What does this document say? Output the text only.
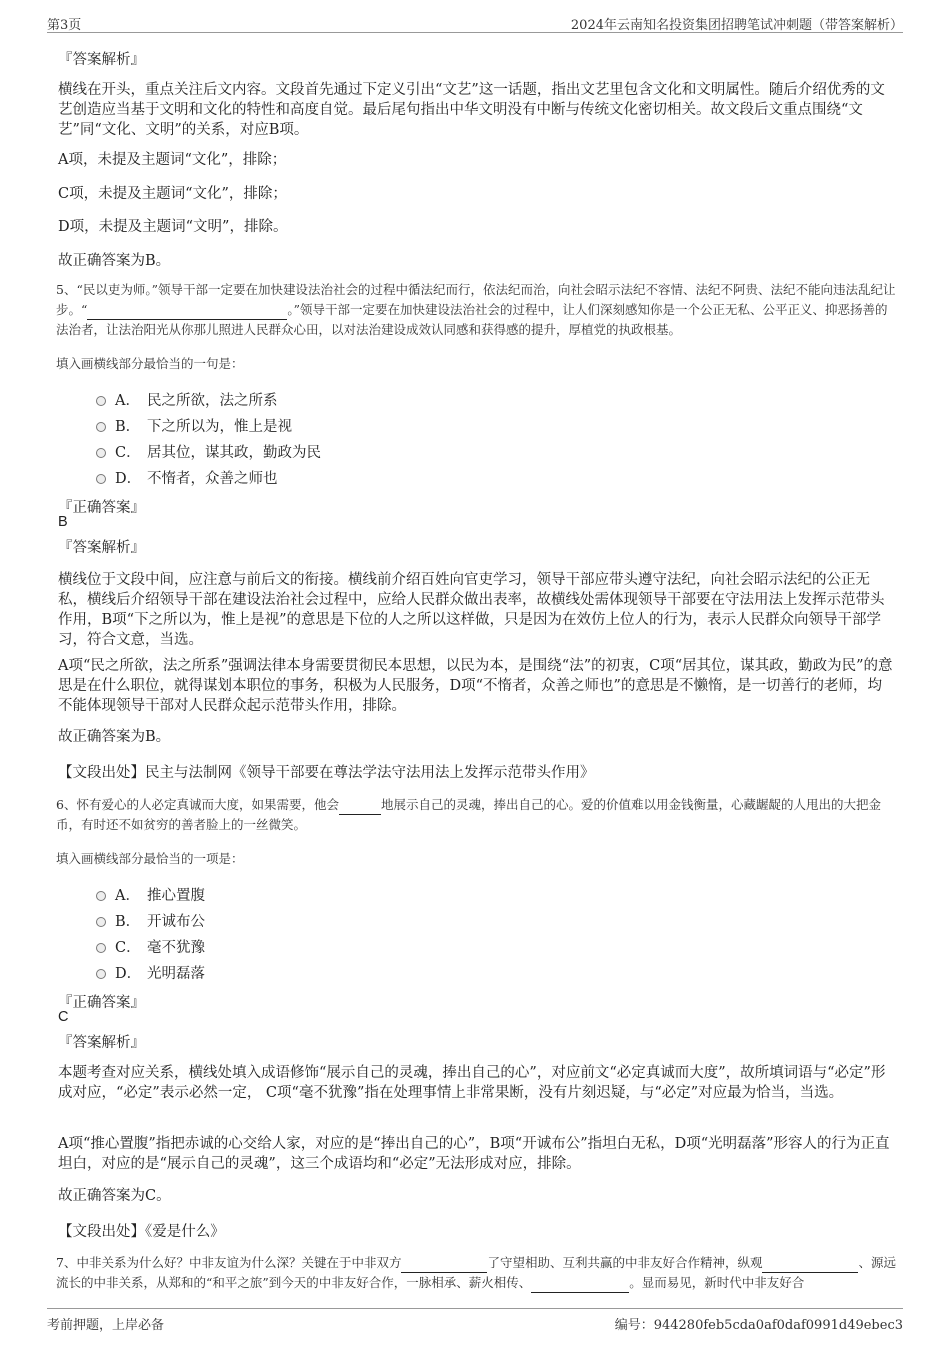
第3页	2024年云南知名投资集团招聘笔试冲刺题（带答案解析）
『答案解析』
横线在开头，重点关注后文内容。文段首先通过下定义引出“文艺”这一话题，指出文艺里包含文化和文明属性。随后介绍优秀的文艺创造应当基于文明和文化的特性和高度自觉。最后尾句指出中华文明没有中断与传统文化密切相关。故文段后文重点围绕“文艺”同“文化、文明”的关系，对应B项。
A项，未提及主题词“文化”，排除；
C项，未提及主题词“文化”，排除；
D项，未提及主题词“文明”，排除。
故正确答案为B。
5、“民以吏为师。”领导干部一定要在加快建设法治社会的过程中循法纪而行，依法纪而治，向社会昭示法纪不容情、法纪不阿贵、法纪不能向违法乱纪让步。“	。”领导干部一定要在加快建设法治社会的过程中，让人们深刻感知你是一个公正无私、公平正义、抑恶扬善的法治者，让法治阳光从你那儿照进人民群众心田，以对法治建设成效认同感和获得感的提升，厚植党的执政根基。
填入画横线部分最恰当的一句是：
A． 民之所欲，法之所系
B． 下之所以为，惟上是视
C． 居其位，谋其政，勤政为民
D． 不惰者，众善之师也
『正确答案』
B
『答案解析』
横线位于文段中间，应注意与前后文的衔接。横线前介绍百姓向官吏学习，领导干部应带头遵守法纪，向社会昭示法纪的公正无私，横线后介绍领导干部在建设法治社会过程中，应给人民群众做出表率，故横线处需体现领导干部要在守法用法上发挥示范带头作用，B项“下之所以为，惟上是视”的意思是下位的人之所以这样做，只是因为在效仿上位人的行为，表示人民群众向领导干部学习，符合文意，当选。
A项“民之所欲，法之所系”强调法律本身需要贯彻民本思想，以民为本，是围绕“法”的初衷，C项“居其位，谋其政，勤政为民”的意思是在什么职位，就得谋划本职位的事务，积极为人民服务，D项“不惰者，众善之师也”的意思是不懒惰，是一切善行的老师，均不能体现领导干部对人民群众起示范带头作用，排除。
故正确答案为B。
【文段出处】民主与法制网《领导干部要在尊法学法守法用法上发挥示范带头作用》
6、怀有爱心的人必定真诚而大度，如果需要，他会	地展示自己的灵魂，捧出自己的心。爱的价值难以用金钱衡量，心藏龌龊的人甩出的大把金币，有时还不如贫穷的善者脸上的一丝微笑。
填入画横线部分最恰当的一项是：
A． 推心置腹
B． 开诚布公
C． 毫不犹豫
D． 光明磊落
『正确答案』
C
『答案解析』
本题考查对应关系，横线处填入成语修饰“展示自己的灵魂，捧出自己的心”，对应前文“必定真诚而大度”，故所填词语与“必定”形成对应，“必定”表示必然一定， C项“毫不犹豫”指在处理事情上非常果断，没有片刻迟疑，与“必定”对应最为恰当，当选。
A项“推心置腹”指把赤诚的心交给人家，对应的是“捧出自己的心”，B项“开诚布公”指坦白无私，D项“光明磊落”形容人的行为正直坦白，对应的是“展示自己的灵魂”，这三个成语均和“必定”无法形成对应，排除。
故正确答案为C。
【文段出处】《爱是什么》
7、中非关系为什么好？中非友谊为什么深？关键在于中非双方	了守望相助、互利共赢的中非友好合作精神，纵观	、源远流长的中非关系，从郑和的“和平之旅”到今天的中非友好合作，一脉相承、薪火相传、	。显而易见，新时代中非友好合
考前押题，上岸必备	编号：944280feb5cda0af0daf0991d49ebec3
